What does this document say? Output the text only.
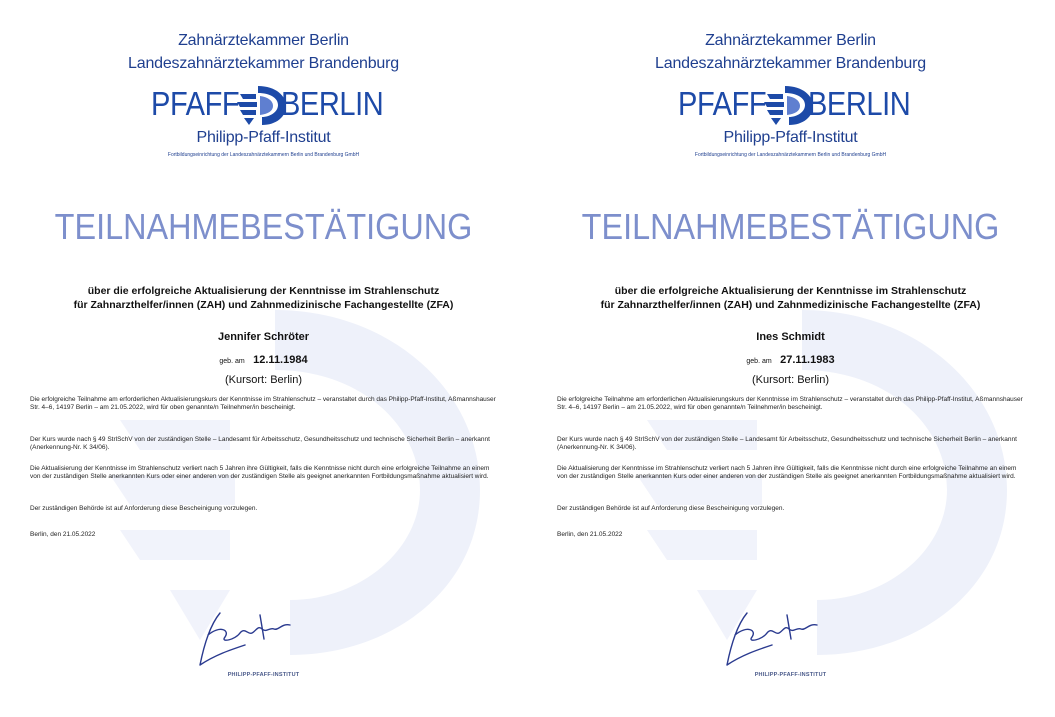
Zahnärztekammer Berlin
Landeszahnärztekammer Brandenburg
PFAFF BERLIN
Philipp-Pfaff-Institut
Fortbildungseinrichtung der Landeszahnärztekammern Berlin und Brandenburg GmbH
TEILNAHMEBESTÄTIGUNG
über die erfolgreiche Aktualisierung der Kenntnisse im Strahlenschutz
für Zahnarzthelfer/innen (ZAH) und Zahnmedizinische Fachangestellte (ZFA)
Jennifer Schröter
geb. am 12.11.1984
(Kursort: Berlin)
Die erfolgreiche Teilnahme am erforderlichen Aktualisierungskurs der Kenntnisse im Strahlenschutz – veranstaltet durch das Philipp-Pfaff-Institut, Aßmannshauser Str. 4–6, 14197 Berlin – am 21.05.2022, wird für oben genannte/n Teilnehmer/in bescheinigt.
Der Kurs wurde nach § 49 StrlSchV von der zuständigen Stelle – Landesamt für Arbeitsschutz, Gesundheitsschutz und technische Sicherheit Berlin – anerkannt (Anerkennung-Nr. K 34/06).
Die Aktualisierung der Kenntnisse im Strahlenschutz verliert nach 5 Jahren ihre Gültigkeit, falls die Kenntnisse nicht durch eine erfolgreiche Teilnahme an einem von der zuständigen Stelle anerkannten Kurs oder einer anderen von der zuständigen Stelle als geeignet anerkannten Fortbildungsmaßnahme aktualisiert wird.
Der zuständigen Behörde ist auf Anforderung diese Bescheinigung vorzulegen.
Berlin, den 21.05.2022
PHILIPP-PFAFF-INSTITUT
Zahnärztekammer Berlin
Landeszahnärztekammer Brandenburg
PFAFF BERLIN
Philipp-Pfaff-Institut
Fortbildungseinrichtung der Landeszahnärztekammern Berlin und Brandenburg GmbH
TEILNAHMEBESTÄTIGUNG
über die erfolgreiche Aktualisierung der Kenntnisse im Strahlenschutz
für Zahnarzthelfer/innen (ZAH) und Zahnmedizinische Fachangestellte (ZFA)
Ines Schmidt
geb. am 27.11.1983
(Kursort: Berlin)
Die erfolgreiche Teilnahme am erforderlichen Aktualisierungskurs der Kenntnisse im Strahlenschutz – veranstaltet durch das Philipp-Pfaff-Institut, Aßmannshauser Str. 4–6, 14197 Berlin – am 21.05.2022, wird für oben genannte/n Teilnehmer/in bescheinigt.
Der Kurs wurde nach § 49 StrlSchV von der zuständigen Stelle – Landesamt für Arbeitsschutz, Gesundheitsschutz und technische Sicherheit Berlin – anerkannt (Anerkennung-Nr. K 34/06).
Die Aktualisierung der Kenntnisse im Strahlenschutz verliert nach 5 Jahren ihre Gültigkeit, falls die Kenntnisse nicht durch eine erfolgreiche Teilnahme an einem von der zuständigen Stelle anerkannten Kurs oder einer anderen von der zuständigen Stelle als geeignet anerkannten Fortbildungsmaßnahme aktualisiert wird.
Der zuständigen Behörde ist auf Anforderung diese Bescheinigung vorzulegen.
Berlin, den 21.05.2022
PHILIPP-PFAFF-INSTITUT
